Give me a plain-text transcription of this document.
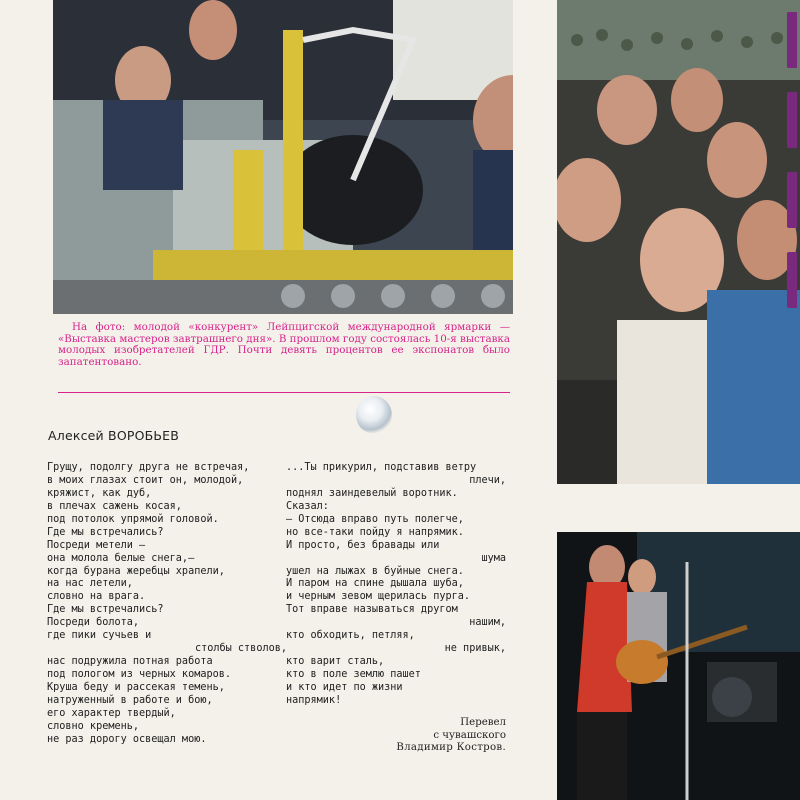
На фото: молодой «конкурент» Лейпцигской международной ярмарки — «Выставка мастеров завтрашнего дня». В прошлом году состоялась 10-я выставка молодых изобретателей ГДР. Почти девять процентов ее экспонатов было запатентовано.
Алексей ВОРОБЬЕВ
Грущу, подолгу друга не встречая,
в моих глазах стоит он, молодой,
кряжист, как дуб,
в плечах сажень косая,
под потолок упрямой головой.
Где мы встречались?
Посреди метели —
она молола белые снега,—
когда бурана жеребцы храпели,
на нас летели,
словно на врага.
Где мы встречались?
Посреди болота,
где пики сучьев и
столбы стволов,
нас подружила потная работа
под пологом из черных комаров.
Круша беду и рассекая темень,
натруженный в работе и бою,
его характер твердый,
словно кремень,
не раз дорогу освещал мою.
...Ты прикурил, подставив ветру
плечи,
поднял заиндевелый воротник.
Сказал:
— Отсюда вправо путь полегче,
но все-таки пойду я напрямик.
И просто, без бравады или
шума
ушел на лыжах в буйные снега.
И паром на спине дышала шуба,
и черным зевом щерилась пурга.
Тот вправе называться другом
нашим,
кто обходить, петляя,
не привык,
кто варит сталь,
кто в поле землю пашет
и кто идет по жизни
напрямик!
Перевел
с чувашского
Владимир Костров.
